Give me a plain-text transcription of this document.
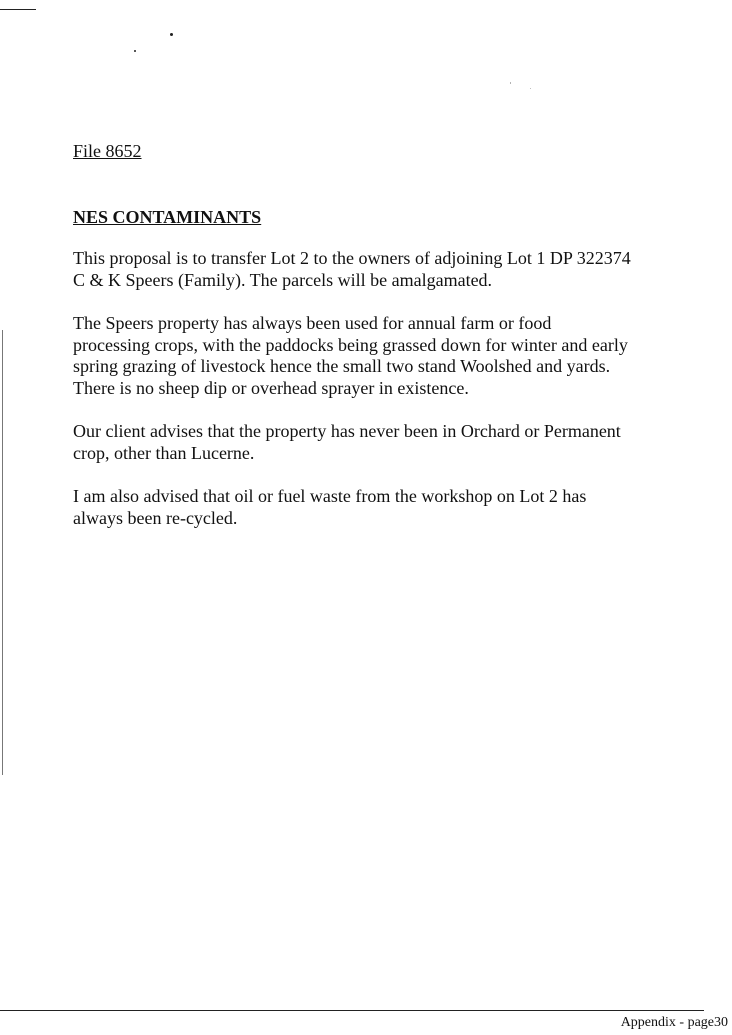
File 8652

NES CONTAMINANTS

This proposal is to transfer Lot 2 to the owners of adjoining Lot 1 DP 322374
C & K Speers (Family). The parcels will be amalgamated.

The Speers property has always been used for annual farm or food
processing crops, with the paddocks being grassed down for winter and early
spring grazing of livestock hence the small two stand Woolshed and yards.
There is no sheep dip or overhead sprayer in existence.

Our client advises that the property has never been in Orchard or Permanent
crop, other than Lucerne.

I am also advised that oil or fuel waste from the workshop on Lot 2 has
always been re-cycled.

Appendix - page30
